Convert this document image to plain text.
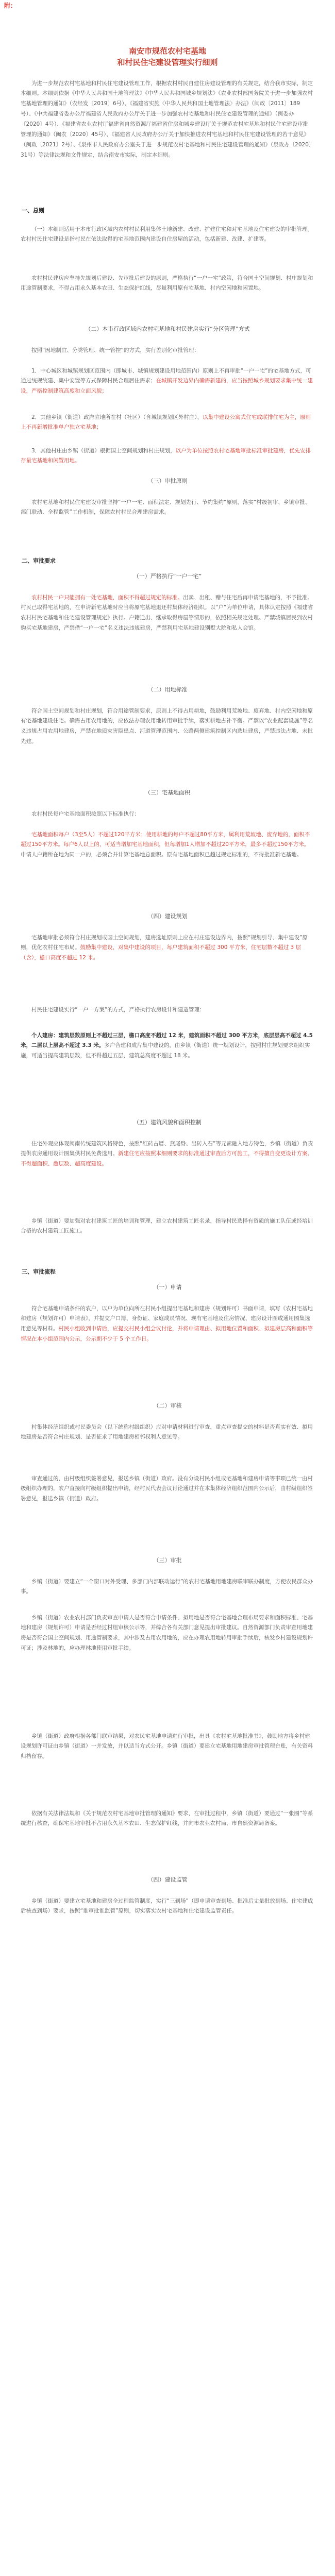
附：
南安市规范农村宅基地
和村民住宅建设管理实行细则

为进一步规范农村宅基地和村民住宅建设管理工作，根据农村村民自建住房建设管理的有关规定，结合我市实际，制定本细则。本细则依据《中华人民共和国土地管理法》《中华人民共和国城乡规划法》《农业农村部国务院关于进一步加强农村宅基地管理的通知》（农经发〔2019〕6号）、《福建省实施〈中华人民共和国土地管理法〉办法》（闽政〔2011〕189号）、《中共福建省委办公厅福建省人民政府办公厅关于进一步加强农村宅基地和村民住宅建设管理的通知》（闽委办〔2020〕4号）、《福建省农业农村厅福建省自然资源厅福建省住房和城乡建设厅关于规范农村宅基地和村民住宅建设审批管理的通知》（闽农〔2020〕45号）、《福建省人民政府办公厅关于加快推进农村宅基地和村民住宅建设管理的若干意见》（闽政〔2021〕2号）、《泉州市人民政府办公室关于进一步规范农村宅基地和村民住宅建设管理的通知》（泉政办〔2020〕31号）等法律法规和文件规定，结合南安市实际，制定本细则。

一、总则

（一）本细则适用于本市行政区域内农村村民利用集体土地新建、改建、扩建住宅和对宅基地及住宅建设的审批管理。农村村民住宅建设是指村民在依法取得的宅基地范围内建设自住房屋的活动，包括新建、改建、扩建等。

农村村民建房应坚持先规划后建设、先审批后建设的原则，严格执行“一户一宅”政策，符合国土空间规划、村庄规划和用途管制要求，不得占用永久基本农田、生态保护红线，尽量利用原有宅基地、村内空闲地和闲置地。

（二）本市行政区域内农村宅基地和村民建房实行“分区管理”方式

按照“因地制宜、分类管理、统一管控”的方式，实行差别化审批管理：

1．中心城区和城镇规划区范围内（即城市、城镇规划建设用地范围内）原则上不再审批“一户一宅”的宅基地方式，可通过统规统建、集中安置等方式保障村民合理居住需求；在城镇开发边界内确需新建的，应当按照城乡规划要求集中统一建设，严格控制建筑高度和立面风貌；

2．其他乡镇（街道）政府驻地所在村（社区）（含城镇规划区外村庄），以集中建设公寓式住宅或联排住宅为主，原则上不再新增批准单户独立宅基地；

3．其他村庄由乡镇（街道）根据国土空间规划和村庄规划，以户为单位按照农村宅基地审批标准审批建房，优先安排存量宅基地和闲置用地。

（三）审批原则

农村宅基地和村民住宅建设审批坚持“一户一宅、面积法定、规划先行、节约集约”原则，落实“村级初审、乡镇审批、部门联动、全程监管”工作机制，保障农村村民合理建房需求。

二、审批要求
（一）严格执行“一户一宅”

农村村民一户只能拥有一处宅基地，面积不得超过规定的标准。出卖、出租、赠与住宅后再申请宅基地的，不予批准。村民已取得宅基地的，在申请新宅基地时应当将原宅基地退还村集体经济组织。以“户”为单位申请，具体认定按照《福建省农村村民宅基地和住宅建设管理规定》执行。户籍迁出、继承取得房屋等情形的，依照相关规定处理。严禁城镇居民到农村购买宅基地建房，严禁借“一户一宅”名义违法违规建房，严禁利用宅基地建设别墅大院和私人会馆。

（二）用地标准

符合国土空间规划和村庄规划，符合用途管制要求，原则上不得占用耕地，鼓励利用荒坡地、废弃地、村内空闲地和原有宅基地建设住宅。确需占用农用地的，应依法办理农用地转用审批手续，落实耕地占补平衡。严禁以“农业配套设施”等名义违规占用农用地建房，严禁在地质灾害隐患点、河道管理范围内、公路两侧建筑控制区内选址建房，严禁违法占地、未批先建。

（三）宅基地面积

农村村民每户宅基地面积按照以下标准执行：

宅基地面积每户（3至5人）不超过120平方米；使用耕地的每户不超过80平方米，属利用荒坡地、废弃地的，面积不超过150平方米。每户6人以上的，可适当增加宅基地面积，但每增加1人增加不超过20平方米，最多不超过150平方米。申请人户籍所在地为同一户的，必须合并计算宅基地总面积。原有宅基地面积已超过规定标准的，不得批准新宅基地。

（四）建设规划

宅基地审批必须符合村庄规划或国土空间规划，建房选址原则上应在村庄建设边界内，按照“规划引导、集中建设”原则，优化农村住宅布局。鼓励集中建设，对集中建设的项目，每户建筑面积不超过 300 平方米，住宅层数不超过 3 层（含），檐口高度不超过 12 米。

村民住宅建设实行“一户一方案”的方式，严格执行农房设计和建造管理：

个人建房：建筑层数原则上不超过三层，檐口高度不超过 12 米，建筑面积不超过 300 平方米，底层层高不超过 4.5 米，二层以上层高不超过 3.3 米。多户合建和成片集中建设的，由乡镇（街道）统一规划设计，按照村庄规划要求组织实施，可适当提高建筑层数，但不得超过五层，建筑总高度不超过 18 米。

（五）建筑风貌和面积控制

住宅外观应体现闽南传统建筑风格特色，按照“红砖古厝、燕尾脊、出砖入石”等元素融入地方特色，乡镇（街道）负责提供农房通用设计图集供村民免费选用。新建住宅应按照本细则要求的标准通过审查后方可施工，不得擅自变更设计方案、不得超面积、超层数、超高度建设。

乡镇（街道）要加强对农村建筑工匠的培训和管理，建立农村建筑工匠名录，指导村民选择有资质的施工队伍或经培训合格的农村建筑工匠施工。

三、审批流程
（一）申请

符合宅基地申请条件的农户，以户为单位向所在村民小组提出宅基地和建房（规划许可）书面申请，填写《农村宅基地和建房（规划许可）申请表》，并提交户口簿、身份证、家庭成员情况、现有宅基地及住房情况、建房设计图或通用图集选用意见等材料。村民小组收到申请后，应提交村民小组会议讨论，并将申请理由、拟用地位置和面积、拟建房层高和面积等情况在本小组范围内公示，公示期不少于 5 个工作日。

（二）审核

村集体经济组织或村民委员会（以下统称村级组织）应对申请材料进行审查，重点审查提交的材料是否真实有效、拟用地建房是否符合村庄规划、是否征求了用地建房相邻权利人意见等。

审查通过的，由村级组织签署意见，报送乡镇（街道）政府。没有分设村民小组或宅基地和建房申请等事项已统一由村级组织办理的，农户直接向村级组织提出申请，经村民代表会议讨论通过并在本集体经济组织范围内公示后，由村级组织签署意见，报送乡镇（街道）政府。

（三）审批

乡镇（街道）要建立“一个窗口对外受理、多部门内部联动运行”的农村宅基地用地建房联审联办制度，方便农民群众办事。

乡镇（街道）农业农村部门负责审查申请人是否符合申请条件、拟用地是否符合宅基地合理布局要求和面积标准、宅基地和建房（规划许可）申请是否经过村组审核公示等，并综合各有关部门意见提出审批建议。自然资源部门负责审查用地建房是否符合国土空间规划、用途管制要求，其中涉及占用农用地的，应在办理农用地转用审批手续后，核发乡村建设规划许可证；涉及林地的，应办理林地使用审批手续。

乡镇（街道）政府根据各部门联审结果，对农民宅基地申请进行审批，出具《农村宅基地批准书》，鼓励地方将乡村建设规划许可证由乡镇（街道）一并发放，并以适当方式公开。乡镇（街道）要建立宅基地用地建房审批管理台账，有关资料归档留存。

依据有关法律法规和《关于规范农村宅基地审批管理的通知》要求，在审批过程中，乡镇（街道）要通过“一张图”等系统进行核查，确保宅基地审批不占用永久基本农田、生态保护红线，并向市农业农村局、市自然资源局备案。

（四）建设监管

乡镇（街道）要建立宅基地和建房全过程监管制度，实行“三到场”（即申请审查到场、批准后丈量批放到场、住宅建成后核查到场）要求，按照“谁审批谁监管”原则，切实落实农村宅基地和住宅建设监管责任。
